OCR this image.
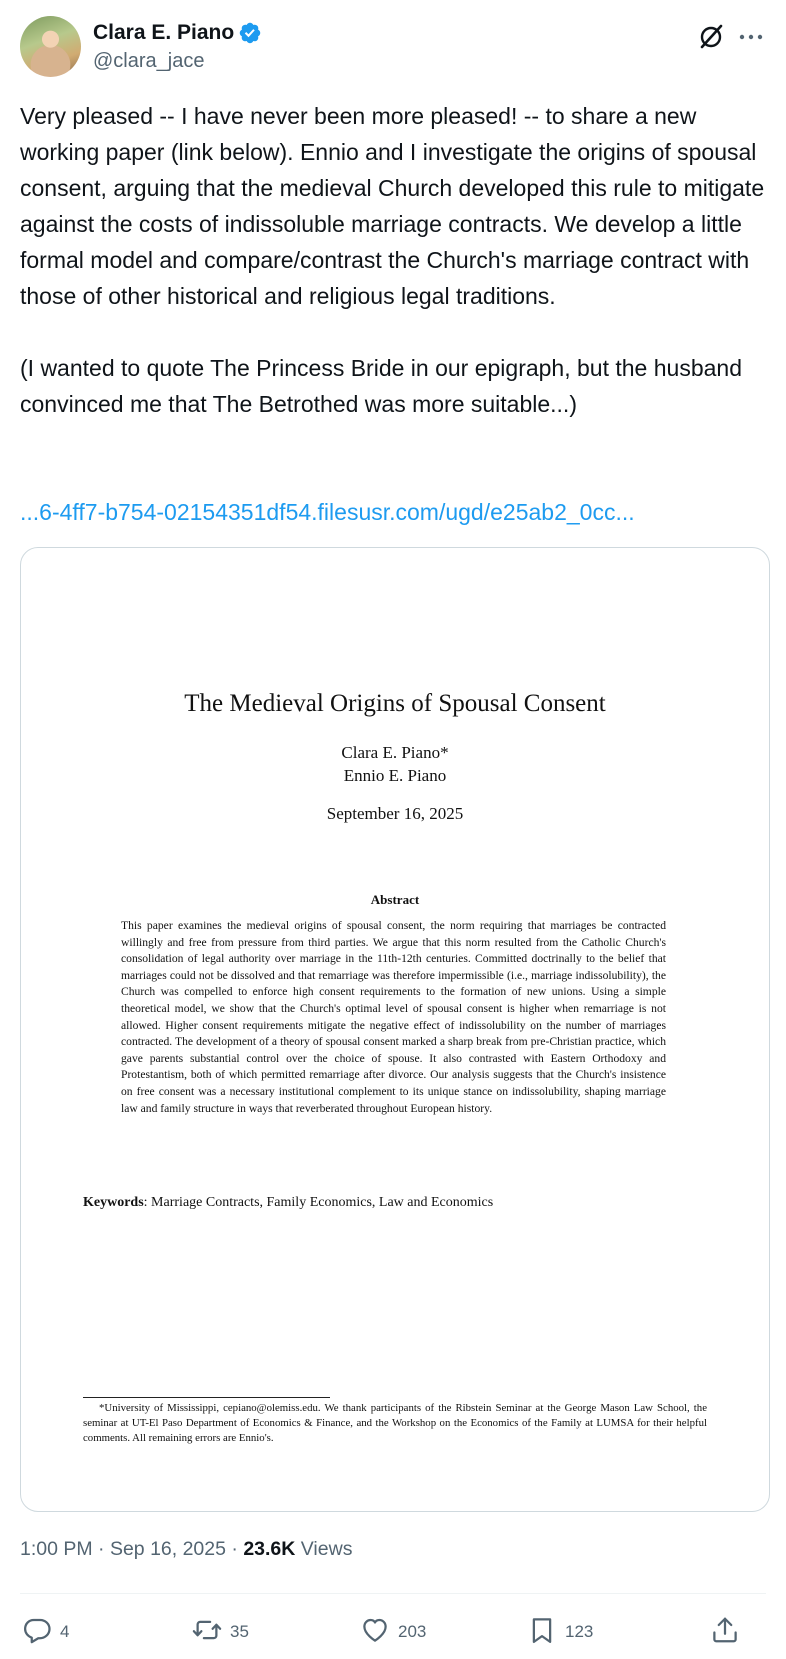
Clara E. Piano
@clara_jace

Very pleased -- I have never been more pleased! -- to share a new working paper (link below). Ennio and I investigate the origins of spousal consent, arguing that the medieval Church developed this rule to mitigate against the costs of indissoluble marriage contracts. We develop a little formal model and compare/contrast the Church's marriage contract with those of other historical and religious legal traditions.

(I wanted to quote The Princess Bride in our epigraph, but the husband convinced me that The Betrothed was more suitable...)

...6-4ff7-b754-02154351df54.filesusr.com/ugd/e25ab2_0cc...
The Medieval Origins of Spousal Consent
Clara E. Piano*
Ennio E. Piano
September 16, 2025
Abstract

This paper examines the medieval origins of spousal consent, the norm requiring that marriages be contracted willingly and free from pressure from third parties. We argue that this norm resulted from the Catholic Church's consolidation of legal authority over marriage in the 11th-12th centuries. Committed doctrinally to the belief that marriages could not be dissolved and that remarriage was therefore impermissible (i.e., marriage indissolubility), the Church was compelled to enforce high consent requirements to the formation of new unions. Using a simple theoretical model, we show that the Church's optimal level of spousal consent is higher when remarriage is not allowed. Higher consent requirements mitigate the negative effect of indissolubility on the number of marriages contracted. The development of a theory of spousal consent marked a sharp break from pre-Christian practice, which gave parents substantial control over the choice of spouse. It also contrasted with Eastern Orthodoxy and Protestantism, both of which permitted remarriage after divorce. Our analysis suggests that the Church's insistence on free consent was a necessary institutional complement to its unique stance on indissolubility, shaping marriage law and family structure in ways that reverberated throughout European history.

Keywords: Marriage Contracts, Family Economics, Law and Economics

*University of Mississippi, cepiano@olemiss.edu. We thank participants of the Ribstein Seminar at the George Mason Law School, the seminar at UT-El Paso Department of Economics & Finance, and the Workshop on the Economics of the Family at LUMSA for their helpful comments. All remaining errors are Ennio's.

1:00 PM · Sep 16, 2025 · 23.6K Views
4	35	203	123
